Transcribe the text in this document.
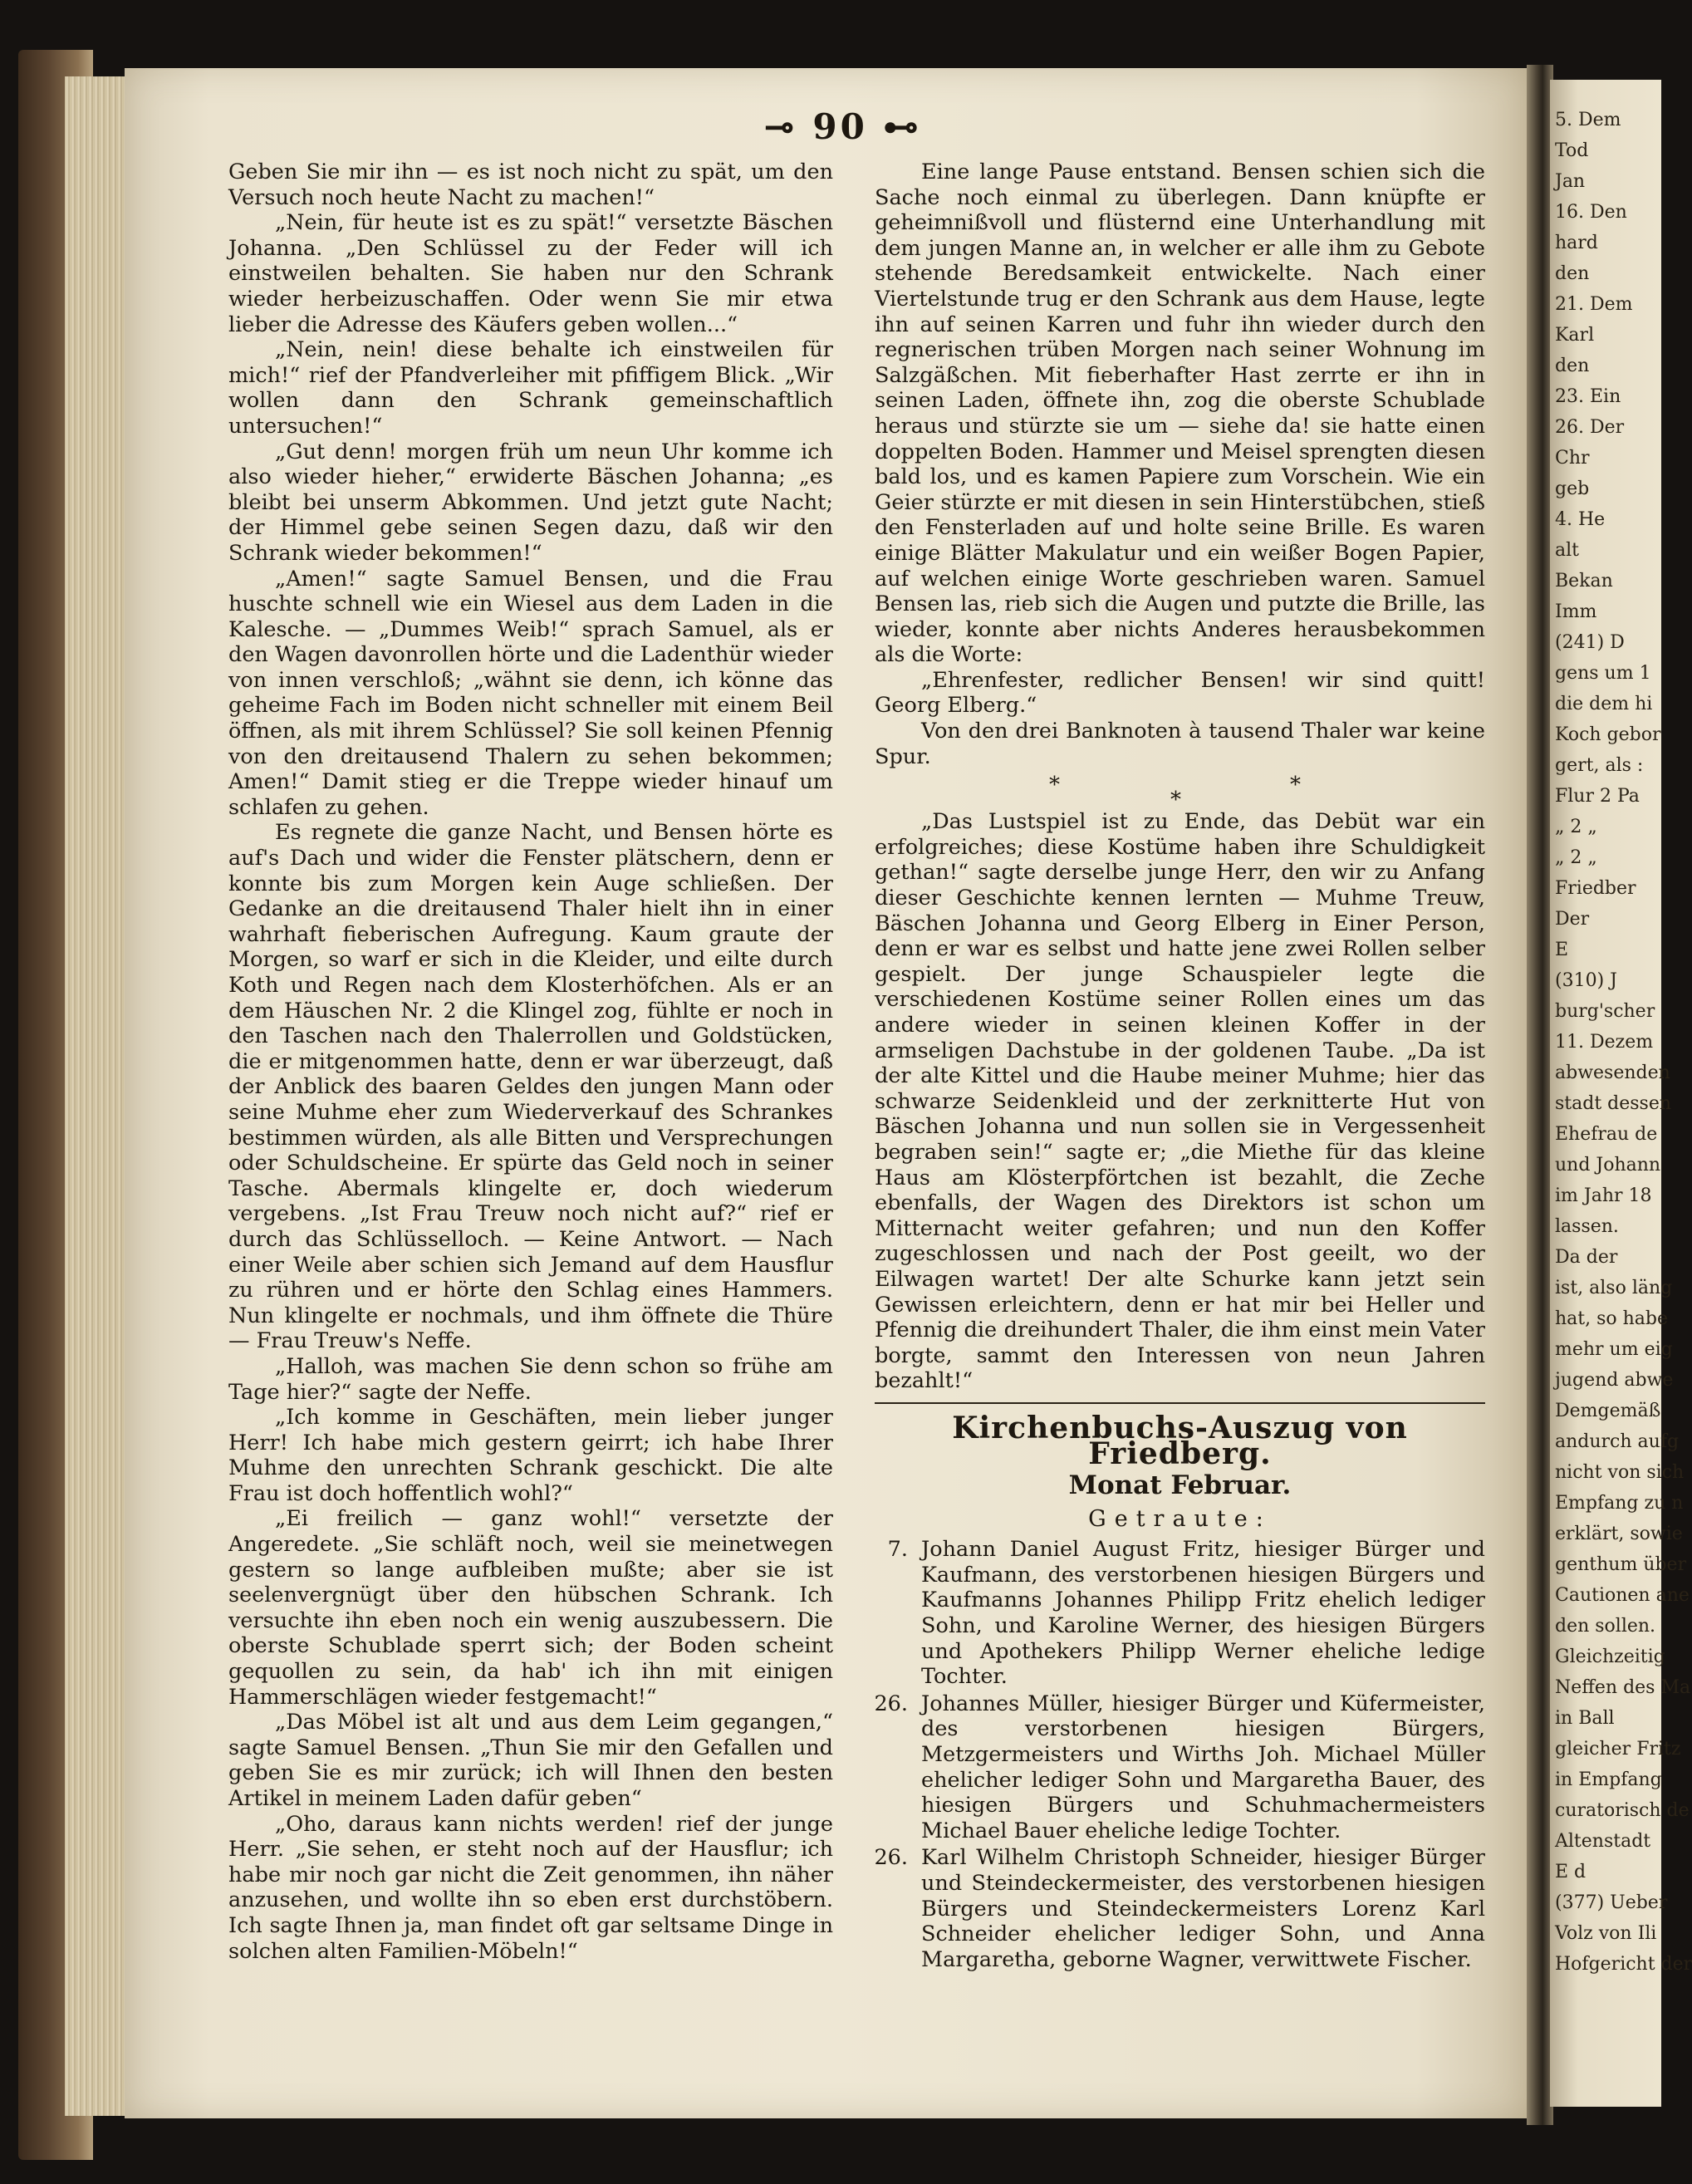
⊸ 90 ⊷

Geben Sie mir ihn — es ist noch nicht zu spät, um den Versuch noch heute Nacht zu machen!“

„Nein, für heute ist es zu spät!“ versetzte Bäschen Johanna. „Den Schlüssel zu der Feder will ich einstweilen behalten. Sie haben nur den Schrank wieder herbeizuschaffen. Oder wenn Sie mir etwa lieber die Adresse des Käufers geben wollen...“

„Nein, nein! diese behalte ich einstweilen für mich!“ rief der Pfandverleiher mit pfiffigem Blick. „Wir wollen dann den Schrank gemeinschaftlich untersuchen!“

„Gut denn! morgen früh um neun Uhr komme ich also wieder hieher,“ erwiderte Bäschen Johanna; „es bleibt bei unserm Abkommen. Und jetzt gute Nacht; der Himmel gebe seinen Segen dazu, daß wir den Schrank wieder bekommen!“

„Amen!“ sagte Samuel Bensen, und die Frau huschte schnell wie ein Wiesel aus dem Laden in die Kalesche. — „Dummes Weib!“ sprach Samuel, als er den Wagen davonrollen hörte und die Ladenthür wieder von innen verschloß; „wähnt sie denn, ich könne das geheime Fach im Boden nicht schneller mit einem Beil öffnen, als mit ihrem Schlüssel? Sie soll keinen Pfennig von den dreitausend Thalern zu sehen bekommen; Amen!“ Damit stieg er die Treppe wieder hinauf um schlafen zu gehen.

Es regnete die ganze Nacht, und Bensen hörte es auf's Dach und wider die Fenster plätschern, denn er konnte bis zum Morgen kein Auge schließen. Der Gedanke an die dreitausend Thaler hielt ihn in einer wahrhaft fieberischen Aufregung. Kaum graute der Morgen, so warf er sich in die Kleider, und eilte durch Koth und Regen nach dem Klosterhöfchen. Als er an dem Häuschen Nr. 2 die Klingel zog, fühlte er noch in den Taschen nach den Thalerrollen und Goldstücken, die er mitgenommen hatte, denn er war überzeugt, daß der Anblick des baaren Geldes den jungen Mann oder seine Muhme eher zum Wiederverkauf des Schrankes bestimmen würden, als alle Bitten und Versprechungen oder Schuldscheine. Er spürte das Geld noch in seiner Tasche. Abermals klingelte er, doch wiederum vergebens. „Ist Frau Treuw noch nicht auf?“ rief er durch das Schlüsselloch. — Keine Antwort. — Nach einer Weile aber schien sich Jemand auf dem Hausflur zu rühren und er hörte den Schlag eines Hammers. Nun klingelte er nochmals, und ihm öffnete die Thüre — Frau Treuw's Neffe.

„Halloh, was machen Sie denn schon so frühe am Tage hier?“ sagte der Neffe.

„Ich komme in Geschäften, mein lieber junger Herr! Ich habe mich gestern geirrt; ich habe Ihrer Muhme den unrechten Schrank geschickt. Die alte Frau ist doch hoffentlich wohl?“

„Ei freilich — ganz wohl!“ versetzte der Angeredete. „Sie schläft noch, weil sie meinetwegen gestern so lange aufbleiben mußte; aber sie ist seelenvergnügt über den hübschen Schrank. Ich versuchte ihn eben noch ein wenig auszubessern. Die oberste Schublade sperrt sich; der Boden scheint gequollen zu sein, da hab' ich ihn mit einigen Hammerschlägen wieder festgemacht!“

„Das Möbel ist alt und aus dem Leim gegangen,“ sagte Samuel Bensen. „Thun Sie mir den Gefallen und geben Sie es mir zurück; ich will Ihnen den besten Artikel in meinem Laden dafür geben“

„Oho, daraus kann nichts werden! rief der junge Herr. „Sie sehen, er steht noch auf der Hausflur; ich habe mir noch gar nicht die Zeit genommen, ihn näher anzusehen, und wollte ihn so eben erst durchstöbern. Ich sagte Ihnen ja, man findet oft gar seltsame Dinge in solchen alten Familien-Möbeln!“

Eine lange Pause entstand. Bensen schien sich die Sache noch einmal zu überlegen. Dann knüpfte er geheimnißvoll und flüsternd eine Unterhandlung mit dem jungen Manne an, in welcher er alle ihm zu Gebote stehende Beredsamkeit entwickelte. Nach einer Viertelstunde trug er den Schrank aus dem Hause, legte ihn auf seinen Karren und fuhr ihn wieder durch den regnerischen trüben Morgen nach seiner Wohnung im Salzgäßchen. Mit fieberhafter Hast zerrte er ihn in seinen Laden, öffnete ihn, zog die oberste Schublade heraus und stürzte sie um — siehe da! sie hatte einen doppelten Boden. Hammer und Meisel sprengten diesen bald los, und es kamen Papiere zum Vorschein. Wie ein Geier stürzte er mit diesen in sein Hinterstübchen, stieß den Fensterladen auf und holte seine Brille. Es waren einige Blätter Makulatur und ein weißer Bogen Papier, auf welchen einige Worte geschrieben waren. Samuel Bensen las, rieb sich die Augen und putzte die Brille, las wieder, konnte aber nichts Anderes herausbekommen als die Worte:

„Ehrenfester, redlicher Bensen! wir sind quitt! Georg Elberg.“

Von den drei Banknoten à tausend Thaler war keine Spur.

*
*
*

„Das Lustspiel ist zu Ende, das Debüt war ein erfolgreiches; diese Kostüme haben ihre Schuldigkeit gethan!“ sagte derselbe junge Herr, den wir zu Anfang dieser Geschichte kennen lernten — Muhme Treuw, Bäschen Johanna und Georg Elberg in Einer Person, denn er war es selbst und hatte jene zwei Rollen selber gespielt. Der junge Schauspieler legte die verschiedenen Kostüme seiner Rollen eines um das andere wieder in seinen kleinen Koffer in der armseligen Dachstube in der goldenen Taube. „Da ist der alte Kittel und die Haube meiner Muhme; hier das schwarze Seidenkleid und der zerknitterte Hut von Bäschen Johanna und nun sollen sie in Vergessenheit begraben sein!“ sagte er; „die Miethe für das kleine Haus am Klösterpförtchen ist bezahlt, die Zeche ebenfalls, der Wagen des Direktors ist schon um Mitternacht weiter gefahren; und nun den Koffer zugeschlossen und nach der Post geeilt, wo der Eilwagen wartet! Der alte Schurke kann jetzt sein Gewissen erleichtern, denn er hat mir bei Heller und Pfennig die dreihundert Thaler, die ihm einst mein Vater borgte, sammt den Interessen von neun Jahren bezahlt!“

Kirchenbuchs-Auszug von Friedberg.
Monat Februar.
Getraute:
7. Johann Daniel August Fritz, hiesiger Bürger und Kaufmann, des verstorbenen hiesigen Bürgers und Kaufmanns Johannes Philipp Fritz ehelich lediger Sohn, und Karoline Werner, des hiesigen Bürgers und Apothekers Philipp Werner eheliche ledige Tochter.
26. Johannes Müller, hiesiger Bürger und Küfermeister, des verstorbenen hiesigen Bürgers, Metzgermeisters und Wirths Joh. Michael Müller ehelicher lediger Sohn und Margaretha Bauer, des hiesigen Bürgers und Schuhmachermeisters Michael Bauer eheliche ledige Tochter.
26. Karl Wilhelm Christoph Schneider, hiesiger Bürger und Steindeckermeister, des verstorbenen hiesigen Bürgers und Steindeckermeisters Lorenz Karl Schneider ehelicher lediger Sohn, und Anna Margaretha, geborne Wagner, verwittwete Fischer.
5. Dem
Tod
Jan
16. Den
hard
den
21. Dem
Karl
den
23. Ein
26. Der
Chr
geb
4. He
alt
Bekan
Imm
(241) D
gens um 1
die dem hi
Koch gebor
gert, als :
Flur 2 Pa
„ 2 „
„ 2 „
Friedber
Der
E
(310) J
burg'scher
11. Dezem
abwesenden
stadt dessen
Ehefrau de
und Johann
im Jahr 18
lassen.
Da der
ist, also läng
hat, so habe
mehr um eig
jugend abwe
Demgemäß
andurch aufg
nicht von sich
Empfang zu n
erklärt, sowie
genthum über
Cautionen ane
den sollen.
Gleichzeitig
Neffen des Ma
in Ball
gleicher Fritz
in Empfang
curatorisch de
Altenstadt
E d
(377) Ueber
Volz von Ili
Hofgericht der
